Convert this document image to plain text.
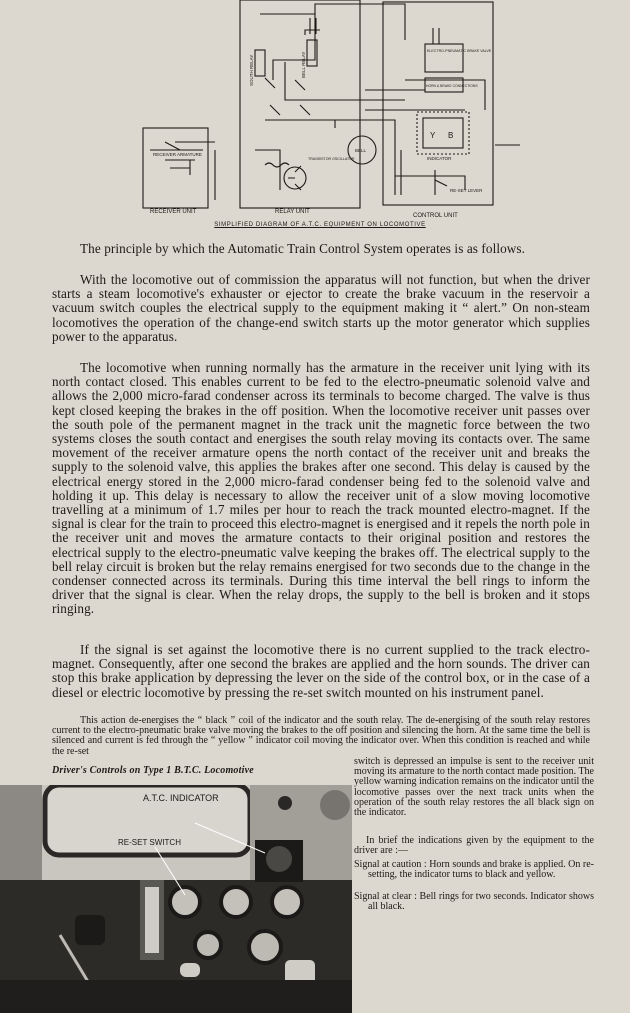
RECEIVER UNIT	RELAY UNIT
CONTROL UNIT
RECEIVER ARMATURE
SOUTH RELAY	BELL RELAY
BELL
TRANSISTOR OSCILLATOR	INDICATOR
RE-SET LEVER
ELECTRO-PNEUMATIC BRAKE VALVE
HORN & BRAKE CONNECTIONS
Y B

SIMPLIFIED DIAGRAM OF A.T.C. EQUIPMENT ON LOCOMOTIVE

The principle by which the Automatic Train Control System operates is as follows.

With the locomotive out of commission the apparatus will not function, but when the driver starts a steam locomotive's exhauster or ejector to create the brake vacuum in the reservoir a vacuum switch couples the electrical supply to the equipment making it “ alert.” On non-steam locomotives the operation of the change-end switch starts up the motor generator which supplies power to the apparatus.

The locomotive when running normally has the armature in the receiver unit lying with its north contact closed. This enables current to be fed to the electro-pneumatic solenoid valve and allows the 2,000 micro-farad condenser across its terminals to become charged. The valve is thus kept closed keeping the brakes in the off position. When the locomotive receiver unit passes over the south pole of the permanent magnet in the track unit the magnetic force between the two systems closes the south contact and energises the south relay moving its contacts over. The same movement of the receiver armature opens the north contact of the receiver unit and breaks the supply to the solenoid valve, this applies the brakes after one second. This delay is caused by the electrical energy stored in the 2,000 micro-farad condenser being fed to the solenoid valve and holding it up. This delay is necessary to allow the receiver unit of a slow moving locomotive travelling at a minimum of 1.7 miles per hour to reach the track mounted electro-magnet. If the signal is clear for the train to proceed this electro-magnet is energised and it repels the north pole in the receiver unit and moves the armature contacts to their original position and restores the electrical supply to the electro-pneumatic valve keeping the brakes off. The electrical supply to the bell relay circuit is broken but the relay remains energised for two seconds due to the change in the condenser connected across its terminals. During this time interval the bell rings to inform the driver that the signal is clear. When the relay drops, the supply to the bell is broken and it stops ringing.

If the signal is set against the locomotive there is no current supplied to the track electro-magnet. Consequently, after one second the brakes are applied and the horn sounds. The driver can stop this brake application by depressing the lever on the side of the control box, or in the case of a diesel or electric locomotive by pressing the re-set switch mounted on his instrument panel.

This action de-energises the “ black ” coil of the indicator and the south relay. The de-energising of the south relay restores current to the electro-pneumatic brake valve moving the brakes to the off position and silencing the horn. At the same time the bell is silenced and current is fed through the “ yellow ” indicator coil moving the indicator over. When this condition is reached and while the re-set

Driver's Controls on Type 1 B.T.C. Locomotive

switch is depressed an impulse is sent to the receiver unit moving its armature to the north contact made position. The yellow warning indication remains on the indicator until the locomotive passes over the next track units when the operation of the south relay restores the all black sign on the indicator.

In brief the indications given by the equipment to the driver are :—

Signal at caution : Horn sounds and brake is applied. On re-setting, the indicator turns to black and yellow.

Signal at clear : Bell rings for two seconds. Indicator shows all black.

A.T.C. INDICATOR
RE-SET SWITCH
